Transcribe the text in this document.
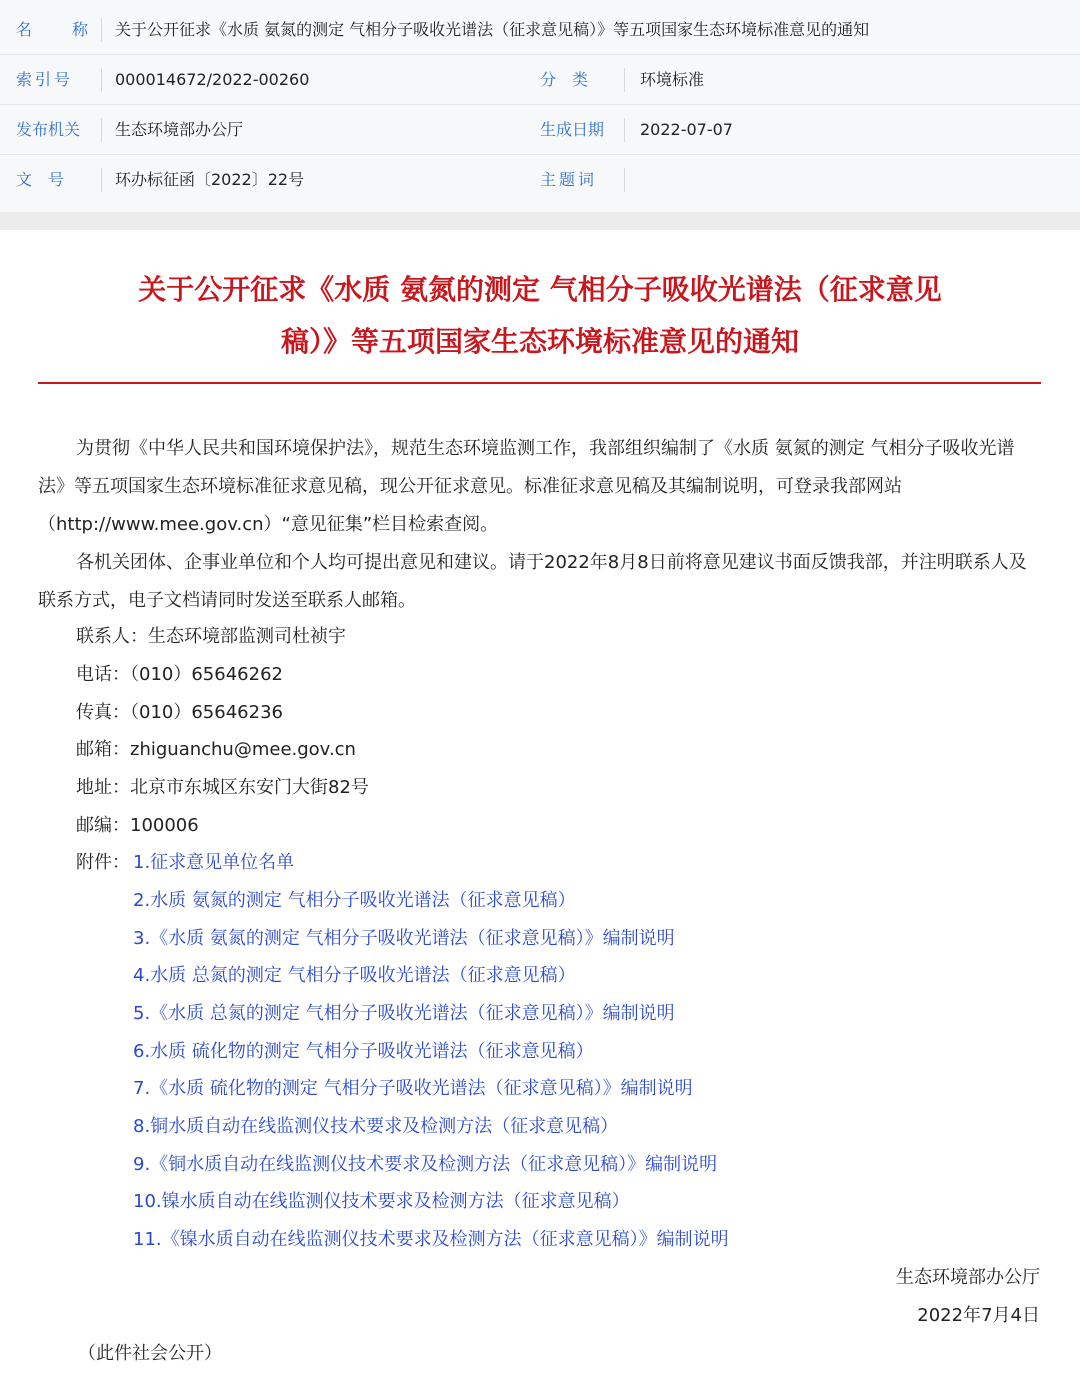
名　称 关于公开征求《水质 氨氮的测定 气相分子吸收光谱法（征求意见稿）》等五项国家生态环境标准意见的通知
索引号	000014672/2022-00260	分　类	环境标准
发布机关 生态环境部办公厅	生成日期 2022-07-07
文　号	环办标征函〔2022〕22号	主题词
关于公开征求《水质 氨氮的测定 气相分子吸收光谱法（征求意见
稿）》等五项国家生态环境标准意见的通知

为贯彻《中华人民共和国环境保护法》，规范生态环境监测工作，我部组织编制了《水质 氨氮的测定 气相分子吸收光谱法》等五项国家生态环境标准征求意见稿，现公开征求意见。标准征求意见稿及其编制说明，可登录我部网站（http://www.mee.gov.cn）“意见征集”栏目检索查阅。

各机关团体、企事业单位和个人均可提出意见和建议。请于2022年8月8日前将意见建议书面反馈我部，并注明联系人及联系方式，电子文档请同时发送至联系人邮箱。

联系人：生态环境部监测司杜祯宇
电话：（010）65646262
传真：（010）65646236
邮箱：zhiguanchu@mee.gov.cn
地址：北京市东城区东安门大街82号
邮编：100006
附件： 1.征求意见单位名单
2.水质 氨氮的测定 气相分子吸收光谱法（征求意见稿）
3.《水质 氨氮的测定 气相分子吸收光谱法（征求意见稿）》编制说明
4.水质 总氮的测定 气相分子吸收光谱法（征求意见稿）
5.《水质 总氮的测定 气相分子吸收光谱法（征求意见稿）》编制说明
6.水质 硫化物的测定 气相分子吸收光谱法（征求意见稿）
7.《水质 硫化物的测定 气相分子吸收光谱法（征求意见稿）》编制说明
8.铜水质自动在线监测仪技术要求及检测方法（征求意见稿）
9.《铜水质自动在线监测仪技术要求及检测方法（征求意见稿）》编制说明
10.镍水质自动在线监测仪技术要求及检测方法（征求意见稿）
11.《镍水质自动在线监测仪技术要求及检测方法（征求意见稿）》编制说明
生态环境部办公厅
2022年7月4日
（此件社会公开）
